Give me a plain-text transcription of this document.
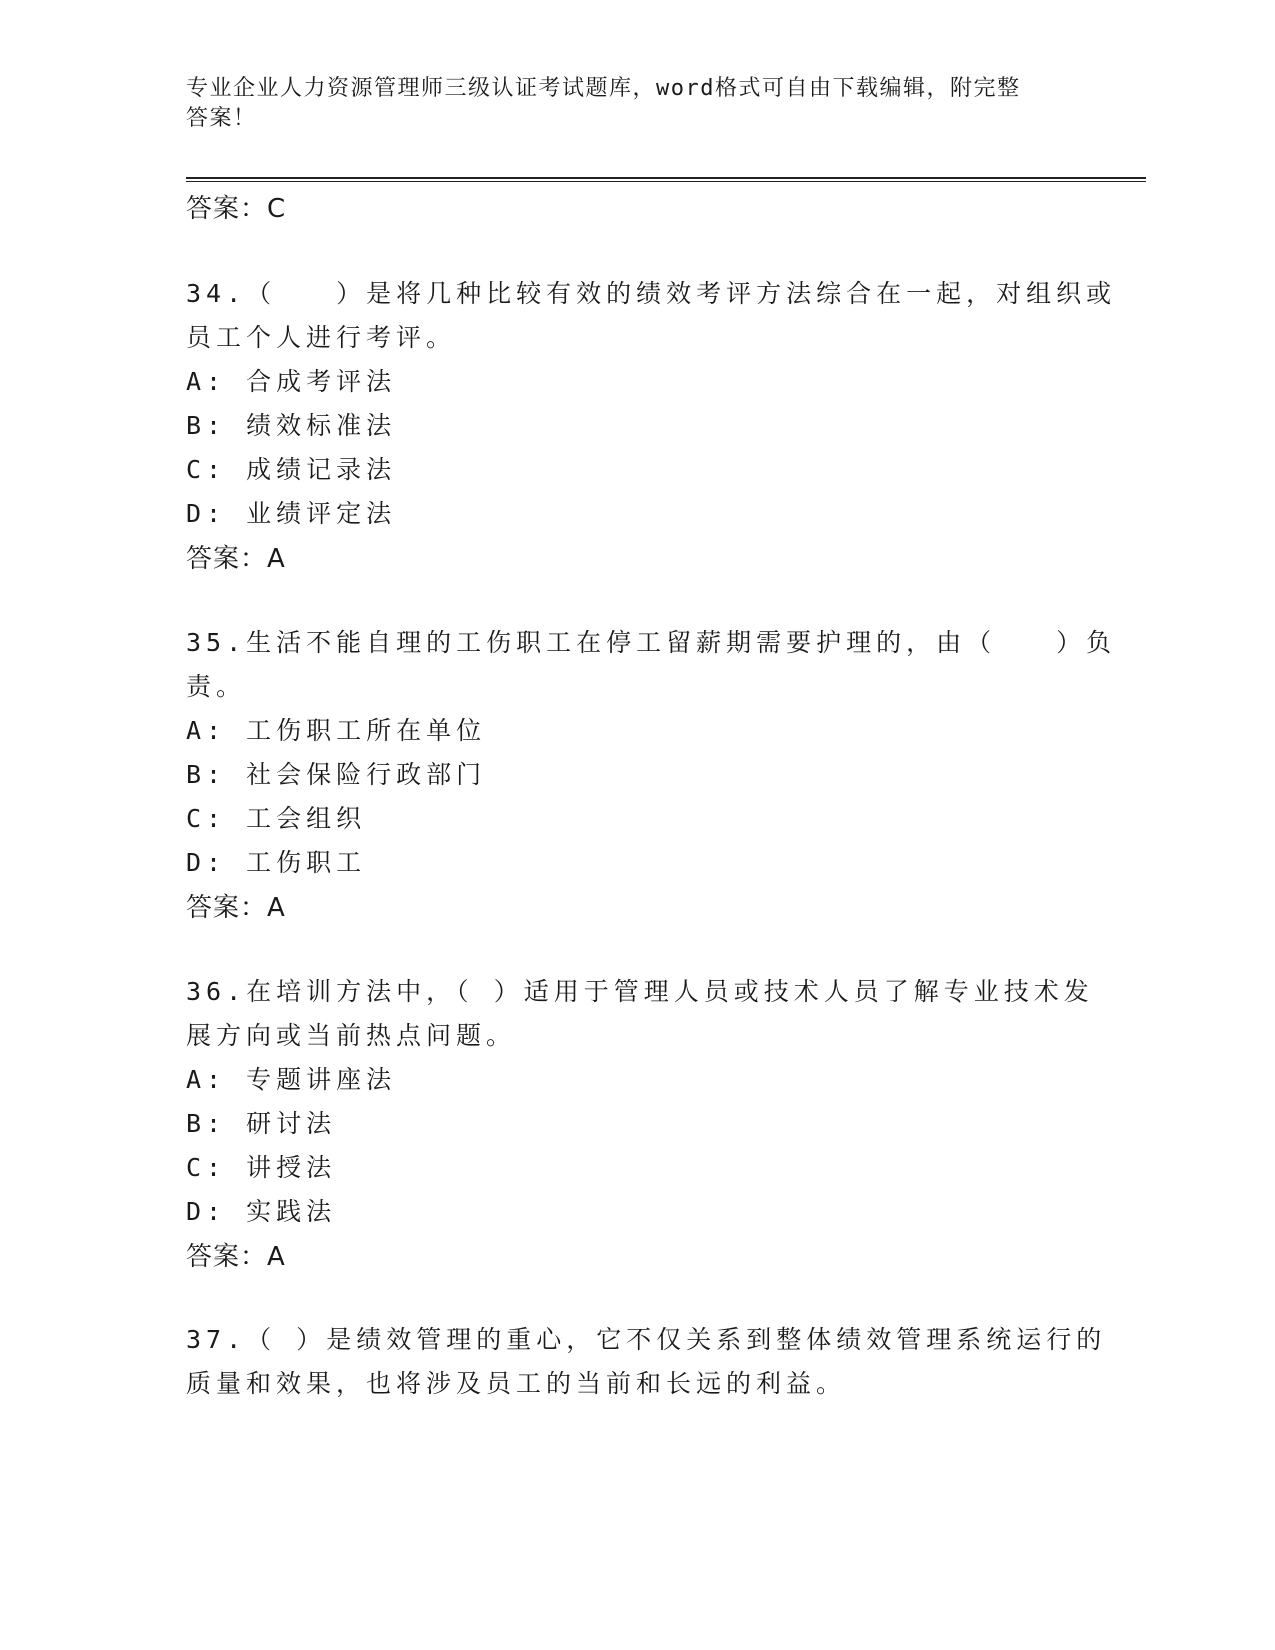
专业企业人力资源管理师三级认证考试题库，word格式可自由下载编辑，附完整
答案！
答案：C
34.（　　）是将几种比较有效的绩效考评方法综合在一起，对组织或
员工个人进行考评。
A: 合成考评法
B: 绩效标准法
C: 成绩记录法
D: 业绩评定法
答案：A
35.生活不能自理的工伤职工在停工留薪期需要护理的，由（　　）负
责。
A: 工伤职工所在单位
B: 社会保险行政部门
C: 工会组织
D: 工伤职工
答案：A
36.在培训方法中，（ ）适用于管理人员或技术人员了解专业技术发
展方向或当前热点问题。
A: 专题讲座法
B: 研讨法
C: 讲授法
D: 实践法
答案：A
37.（ ）是绩效管理的重心，它不仅关系到整体绩效管理系统运行的
质量和效果，也将涉及员工的当前和长远的利益。
